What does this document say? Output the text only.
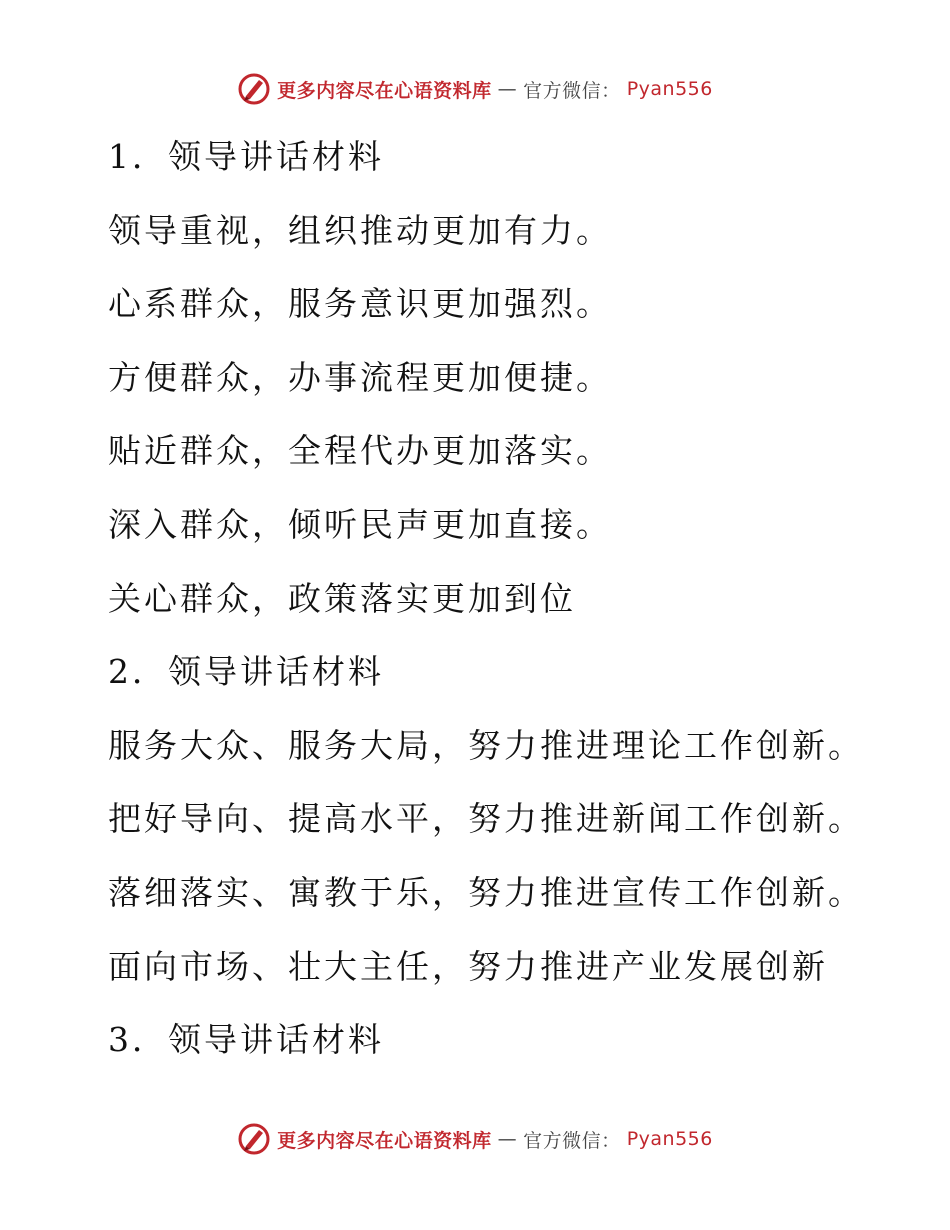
更多内容尽在心语资料库 — 官方微信： Pyan556
1．领导讲话材料
领导重视，组织推动更加有力。
心系群众，服务意识更加强烈。
方便群众，办事流程更加便捷。
贴近群众，全程代办更加落实。
深入群众，倾听民声更加直接。
关心群众，政策落实更加到位
2．领导讲话材料
服务大众、服务大局，努力推进理论工作创新。
把好导向、提高水平，努力推进新闻工作创新。
落细落实、寓教于乐，努力推进宣传工作创新。
面向市场、壮大主任，努力推进产业发展创新
3．领导讲话材料
更多内容尽在心语资料库 — 官方微信： Pyan556
